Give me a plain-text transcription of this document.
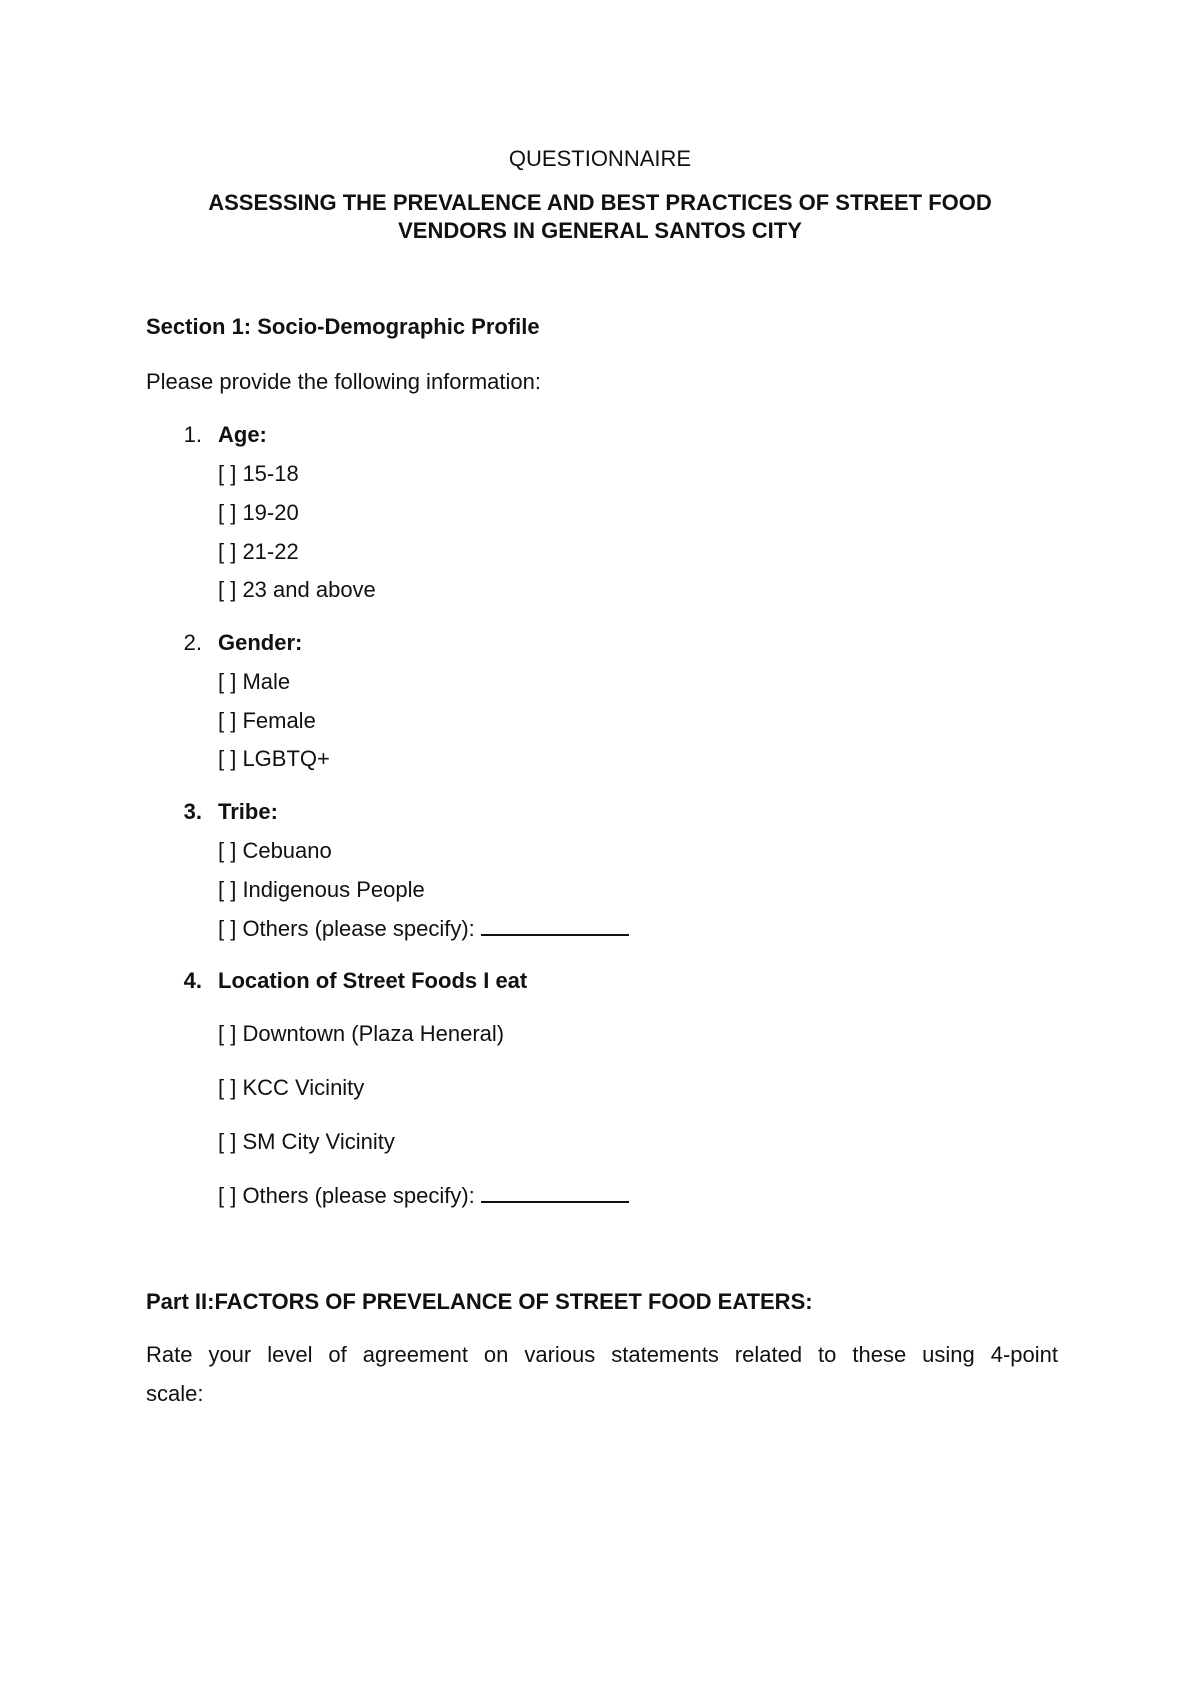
QUESTIONNAIRE
ASSESSING THE PREVALENCE AND BEST PRACTICES OF STREET FOOD
VENDORS IN GENERAL SANTOS CITY
Section 1: Socio-Demographic Profile
Please provide the following information:
1. Age:
[ ] 15-18
[ ] 19-20
[ ] 21-22
[ ] 23 and above
2. Gender:
[ ] Male
[ ] Female
[ ] LGBTQ+
3. Tribe:
[ ] Cebuano
[ ] Indigenous People
[ ] Others (please specify):
4. Location of Street Foods I eat
[ ] Downtown (Plaza Heneral)
[ ] KCC Vicinity
[ ] SM City Vicinity
[ ] Others (please specify):
Part II:FACTORS OF PREVELANCE OF STREET FOOD EATERS:
Rate your level of agreement on various statements related to these using 4-point
scale:
